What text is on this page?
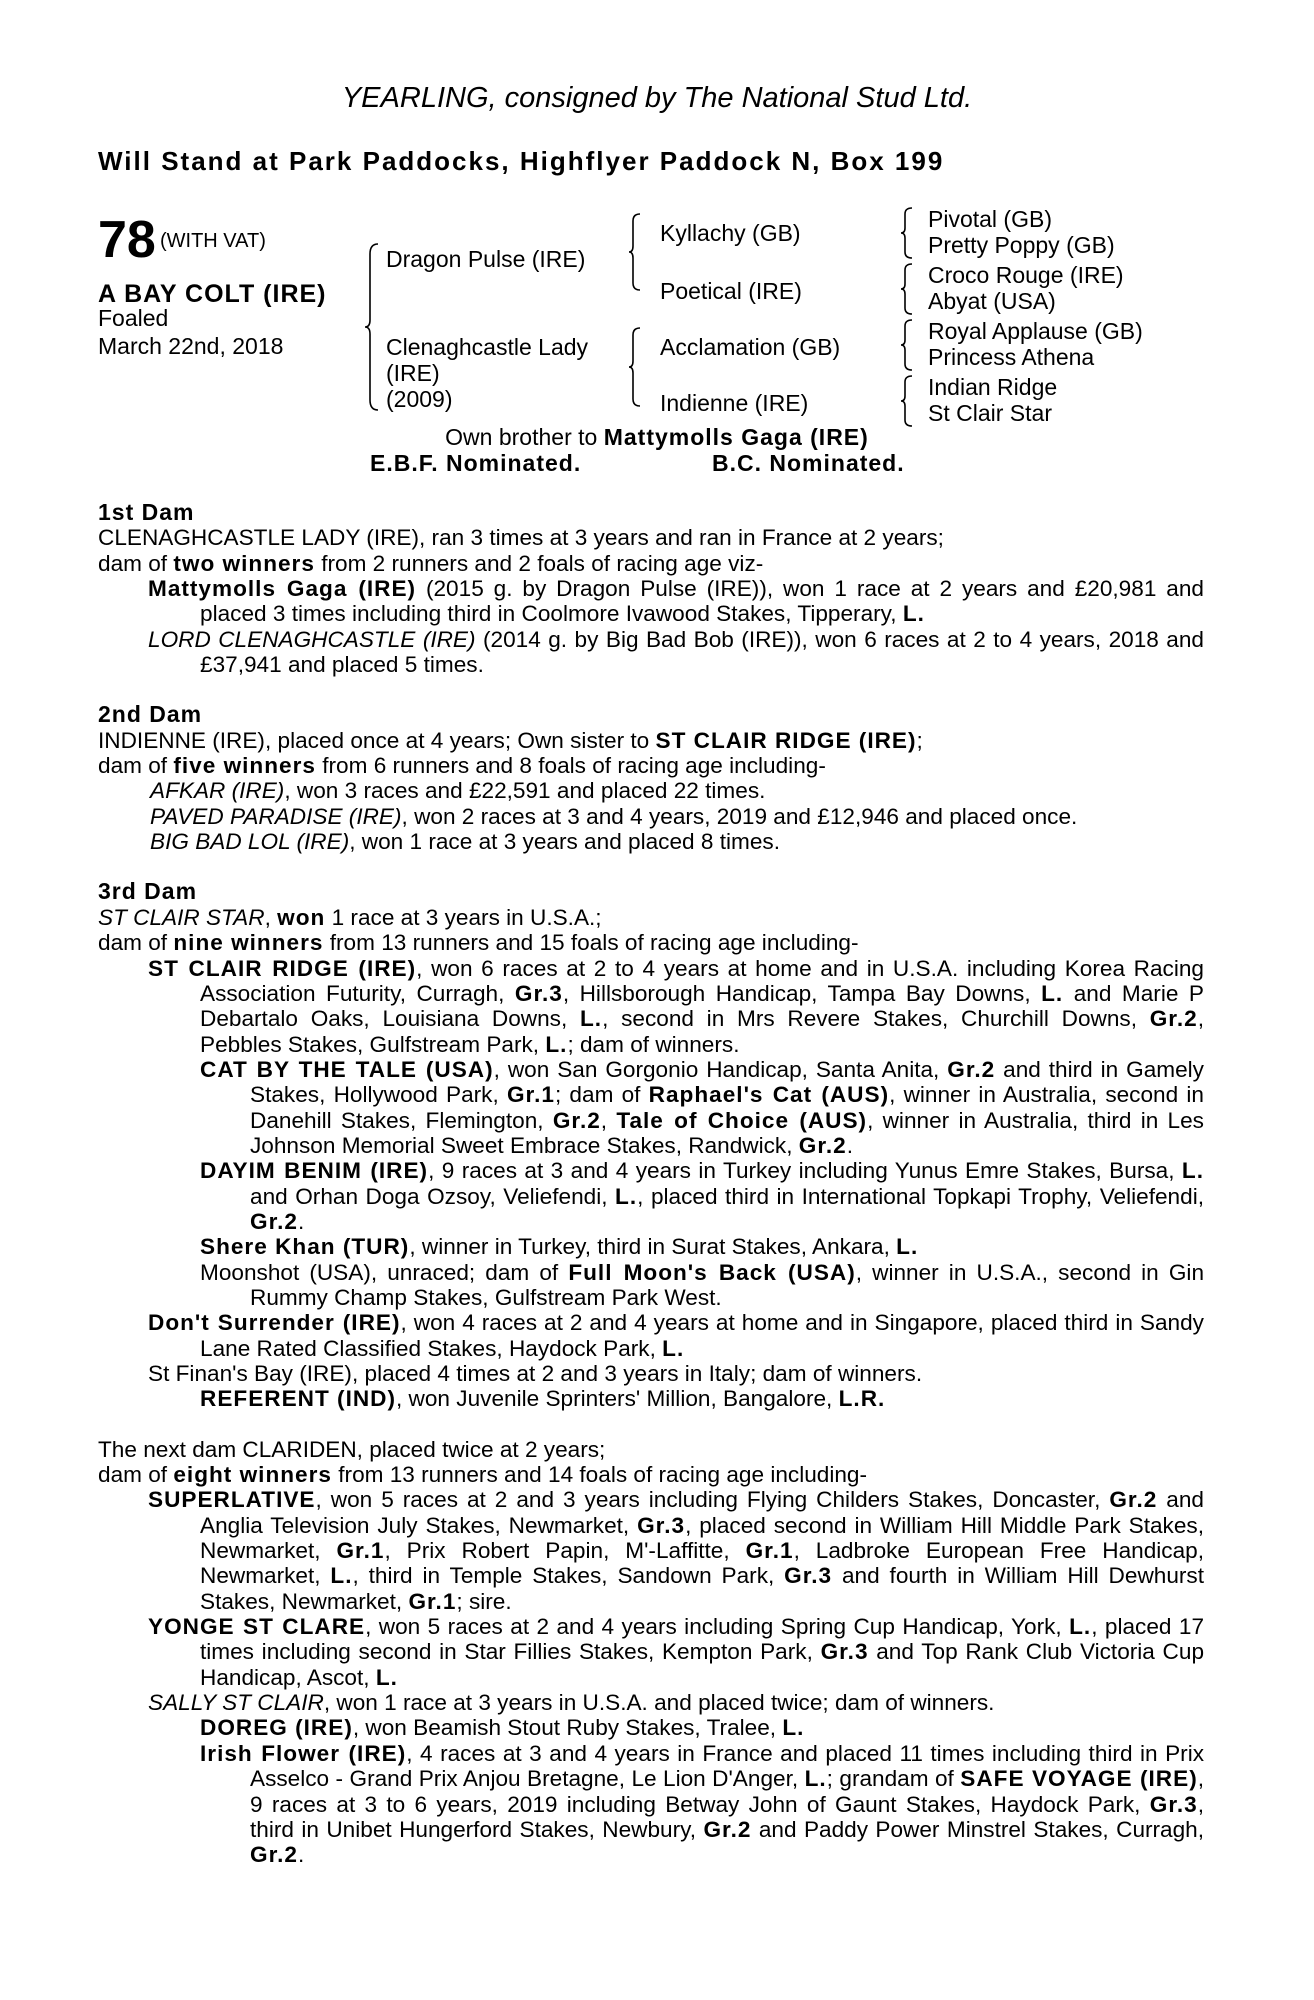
YEARLING, consigned by The National Stud Ltd.
Will Stand at Park Paddocks, Highflyer Paddock N, Box 199
78 (WITH VAT)
A BAY COLT (IRE)
Foaled
March 22nd, 2018
Dragon Pulse (IRE)
Clenaghcastle Lady
(IRE)
(2009)
Kyllachy (GB)
Poetical (IRE)
Acclamation (GB)
Indienne (IRE)
Pivotal (GB)
Pretty Poppy (GB)
Croco Rouge (IRE)
Abyat (USA)
Royal Applause (GB)
Princess Athena
Indian Ridge
St Clair Star
Own brother to Mattymolls Gaga (IRE)
E.B.F. Nominated.	B.C. Nominated.

1st Dam

CLENAGHCASTLE LADY (IRE), ran 3 times at 3 years and ran in France at 2 years;

dam of two winners from 2 runners and 2 foals of racing age viz-

Mattymolls Gaga (IRE) (2015 g. by Dragon Pulse (IRE)), won 1 race at 2 years and £20,981 and placed 3 times including third in Coolmore Ivawood Stakes, Tipperary, L.

LORD CLENAGHCASTLE (IRE) (2014 g. by Big Bad Bob (IRE)), won 6 races at 2 to 4 years, 2018 and £37,941 and placed 5 times.

2nd Dam

INDIENNE (IRE), placed once at 4 years; Own sister to ST CLAIR RIDGE (IRE);

dam of five winners from 6 runners and 8 foals of racing age including-

AFKAR (IRE), won 3 races and £22,591 and placed 22 times.

PAVED PARADISE (IRE), won 2 races at 3 and 4 years, 2019 and £12,946 and placed once.

BIG BAD LOL (IRE), won 1 race at 3 years and placed 8 times.

3rd Dam

ST CLAIR STAR, won 1 race at 3 years in U.S.A.;

dam of nine winners from 13 runners and 15 foals of racing age including-

ST CLAIR RIDGE (IRE), won 6 races at 2 to 4 years at home and in U.S.A. including Korea Racing Association Futurity, Curragh, Gr.3, Hillsborough Handicap, Tampa Bay Downs, L. and Marie P Debartalo Oaks, Louisiana Downs, L., second in Mrs Revere Stakes, Churchill Downs, Gr.2, Pebbles Stakes, Gulfstream Park, L.; dam of winners.

CAT BY THE TALE (USA), won San Gorgonio Handicap, Santa Anita, Gr.2 and third in Gamely Stakes, Hollywood Park, Gr.1; dam of Raphael's Cat (AUS), winner in Australia, second in Danehill Stakes, Flemington, Gr.2, Tale of Choice (AUS), winner in Australia, third in Les Johnson Memorial Sweet Embrace Stakes, Randwick, Gr.2.

DAYIM BENIM (IRE), 9 races at 3 and 4 years in Turkey including Yunus Emre Stakes, Bursa, L. and Orhan Doga Ozsoy, Veliefendi, L., placed third in International Topkapi Trophy, Veliefendi, Gr.2.

Shere Khan (TUR), winner in Turkey, third in Surat Stakes, Ankara, L.

Moonshot (USA), unraced; dam of Full Moon's Back (USA), winner in U.S.A., second in Gin Rummy Champ Stakes, Gulfstream Park West.

Don't Surrender (IRE), won 4 races at 2 and 4 years at home and in Singapore, placed third in Sandy Lane Rated Classified Stakes, Haydock Park, L.

St Finan's Bay (IRE), placed 4 times at 2 and 3 years in Italy; dam of winners.

REFERENT (IND), won Juvenile Sprinters' Million, Bangalore, L.R.

The next dam CLARIDEN, placed twice at 2 years;

dam of eight winners from 13 runners and 14 foals of racing age including-

SUPERLATIVE, won 5 races at 2 and 3 years including Flying Childers Stakes, Doncaster, Gr.2 and Anglia Television July Stakes, Newmarket, Gr.3, placed second in William Hill Middle Park Stakes, Newmarket, Gr.1, Prix Robert Papin, M'-Laffitte, Gr.1, Ladbroke European Free Handicap, Newmarket, L., third in Temple Stakes, Sandown Park, Gr.3 and fourth in William Hill Dewhurst Stakes, Newmarket, Gr.1; sire.

YONGE ST CLARE, won 5 races at 2 and 4 years including Spring Cup Handicap, York, L., placed 17 times including second in Star Fillies Stakes, Kempton Park, Gr.3 and Top Rank Club Victoria Cup Handicap, Ascot, L.

SALLY ST CLAIR, won 1 race at 3 years in U.S.A. and placed twice; dam of winners.

DOREG (IRE), won Beamish Stout Ruby Stakes, Tralee, L.

Irish Flower (IRE), 4 races at 3 and 4 years in France and placed 11 times including third in Prix Asselco - Grand Prix Anjou Bretagne, Le Lion D'Anger, L.; grandam of SAFE VOYAGE (IRE), 9 races at 3 to 6 years, 2019 including Betway John of Gaunt Stakes, Haydock Park, Gr.3, third in Unibet Hungerford Stakes, Newbury, Gr.2 and Paddy Power Minstrel Stakes, Curragh, Gr.2.
